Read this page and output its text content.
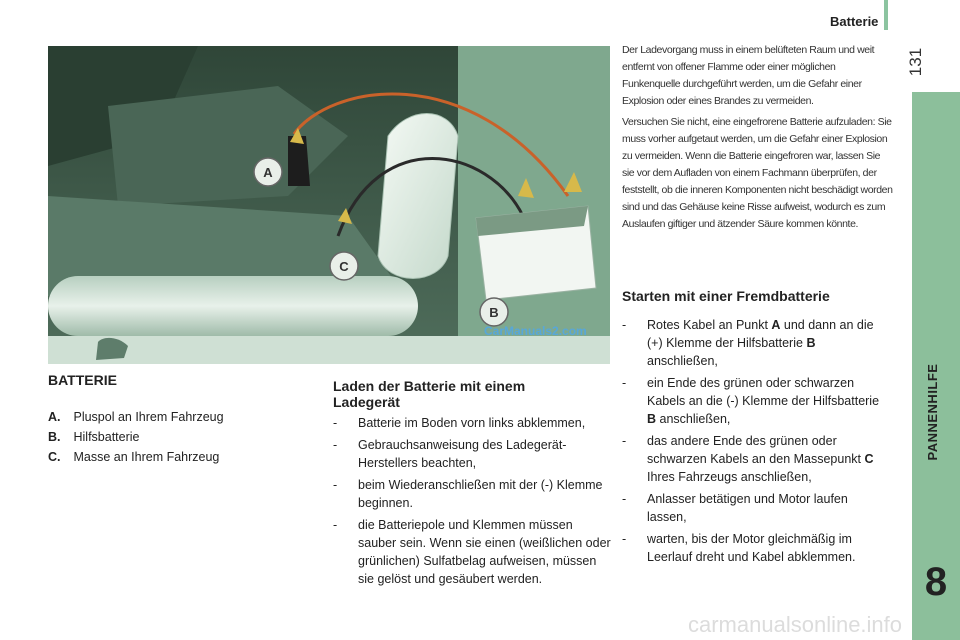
Batterie
131
PANNENHILFE
8
A
C
B
CarManuals2.com
BATTERIE
A. Pluspol an Ihrem Fahrzeug
B. Hilfsbatterie
C. Masse an Ihrem Fahrzeug
Laden der Batterie mit einem Ladegerät
- Batterie im Boden vorn links abklemmen,
- Gebrauchsanweisung des Ladegerät-Herstellers beachten,
- beim Wiederanschließen mit der (-) Klemme beginnen.
- die Batteriepole und Klemmen müssen sauber sein. Wenn sie einen (weißlichen oder grünlichen) Sulfatbelag aufweisen, müssen sie gelöst und gesäubert werden.

Der Ladevorgang muss in einem belüfteten Raum und weit entfernt von offener Flamme oder einer möglichen Funkenquelle durchgeführt werden, um die Gefahr einer Explosion oder eines Brandes zu vermeiden.

Versuchen Sie nicht, eine eingefrorene Batterie aufzuladen: Sie muss vorher aufgetaut werden, um die Gefahr einer Explosion zu vermeiden. Wenn die Batterie eingefroren war, lassen Sie sie vor dem Aufladen von einem Fachmann überprüfen, der feststellt, ob die inneren Komponenten nicht beschädigt worden sind und das Gehäuse keine Risse aufweist, wodurch es zum Auslaufen giftiger und ätzender Säure kommen könnte.

Starten mit einer Fremdbatterie
- Rotes Kabel an Punkt A und dann an die (+) Klemme der Hilfsbatterie B anschließen,
- ein Ende des grünen oder schwarzen Kabels an die (-) Klemme der Hilfsbatterie B anschließen,
- das andere Ende des grünen oder schwarzen Kabels an den Massepunkt C Ihres Fahrzeugs anschließen,
- Anlasser betätigen und Motor laufen lassen,
- warten, bis der Motor gleichmäßig im Leerlauf dreht und Kabel abklemmen.
carmanualsonline.info
